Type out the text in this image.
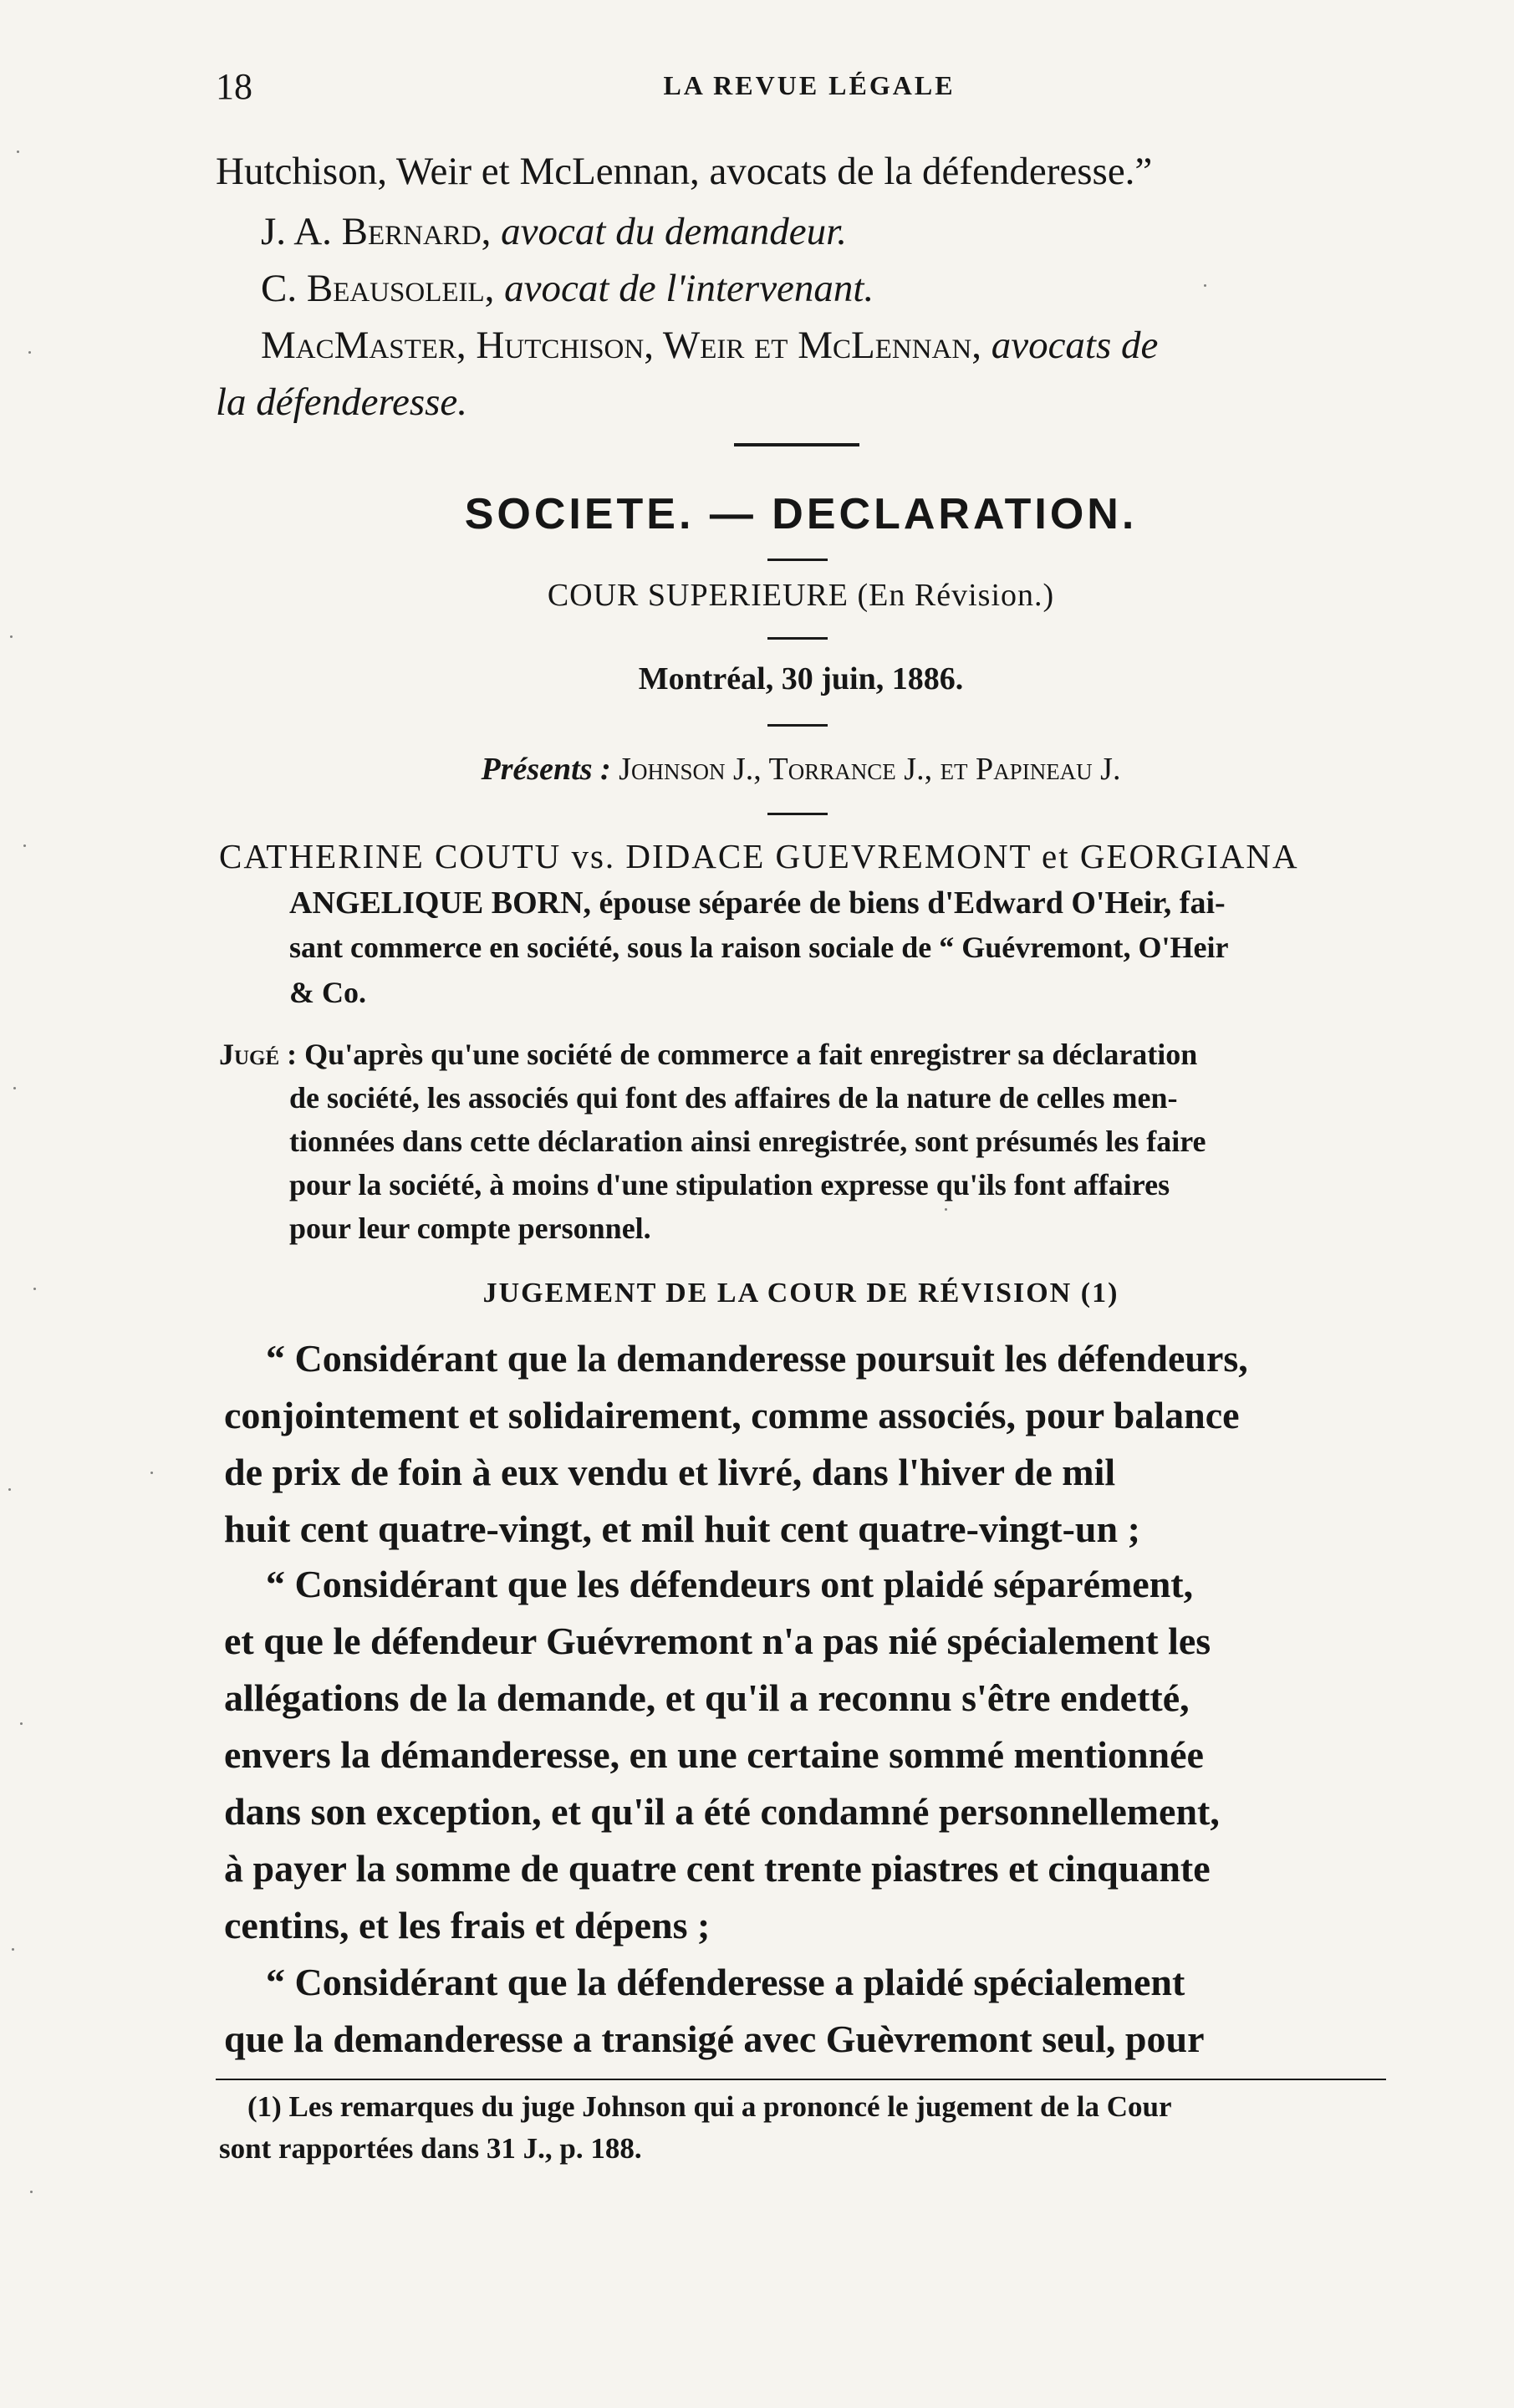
18	LA REVUE LÉGALE
Hutchison, Weir et McLennan, avocats de la défenderesse.”
J. A. Bernard, avocat du demandeur.
C. Beausoleil, avocat de l'intervenant.
MacMaster, Hutchison, Weir et McLennan, avocats de
la défenderesse.
SOCIETE. — DECLARATION.
COUR SUPERIEURE (En Révision.)
Montréal, 30 juin, 1886.
Présents : Johnson J., Torrance J., et Papineau J.
CATHERINE COUTU vs. DIDACE GUEVREMONT et GEORGIANA
ANGELIQUE BORN, épouse séparée de biens d'Edward O'Heir, fai-
sant commerce en société, sous la raison sociale de “ Guévremont, O'Heir
& Co.
Jugé : Qu'après qu'une société de commerce a fait enregistrer sa déclaration
de société, les associés qui font des affaires de la nature de celles men-
tionnées dans cette déclaration ainsi enregistrée, sont présumés les faire
pour la société, à moins d'une stipulation expresse qu'ils font affaires
pour leur compte personnel.
JUGEMENT DE LA COUR DE RÉVISION (1)
“ Considérant que la demanderesse poursuit les défendeurs,
conjointement et solidairement, comme associés, pour balance
de prix de foin à eux vendu et livré, dans l'hiver de mil
huit cent quatre-vingt, et mil huit cent quatre-vingt-un ;
“ Considérant que les défendeurs ont plaidé séparément,
et que le défendeur Guévremont n'a pas nié spécialement les
allégations de la demande, et qu'il a reconnu s'être endetté,
envers la démanderesse, en une certaine sommé mentionnée
dans son exception, et qu'il a été condamné personnellement,
à payer la somme de quatre cent trente piastres et cinquante
centins, et les frais et dépens ;
“ Considérant que la défenderesse a plaidé spécialement
que la demanderesse a transigé avec Guèvremont seul, pour
(1) Les remarques du juge Johnson qui a prononcé le jugement de la Cour
sont rapportées dans 31 J., p. 188.
